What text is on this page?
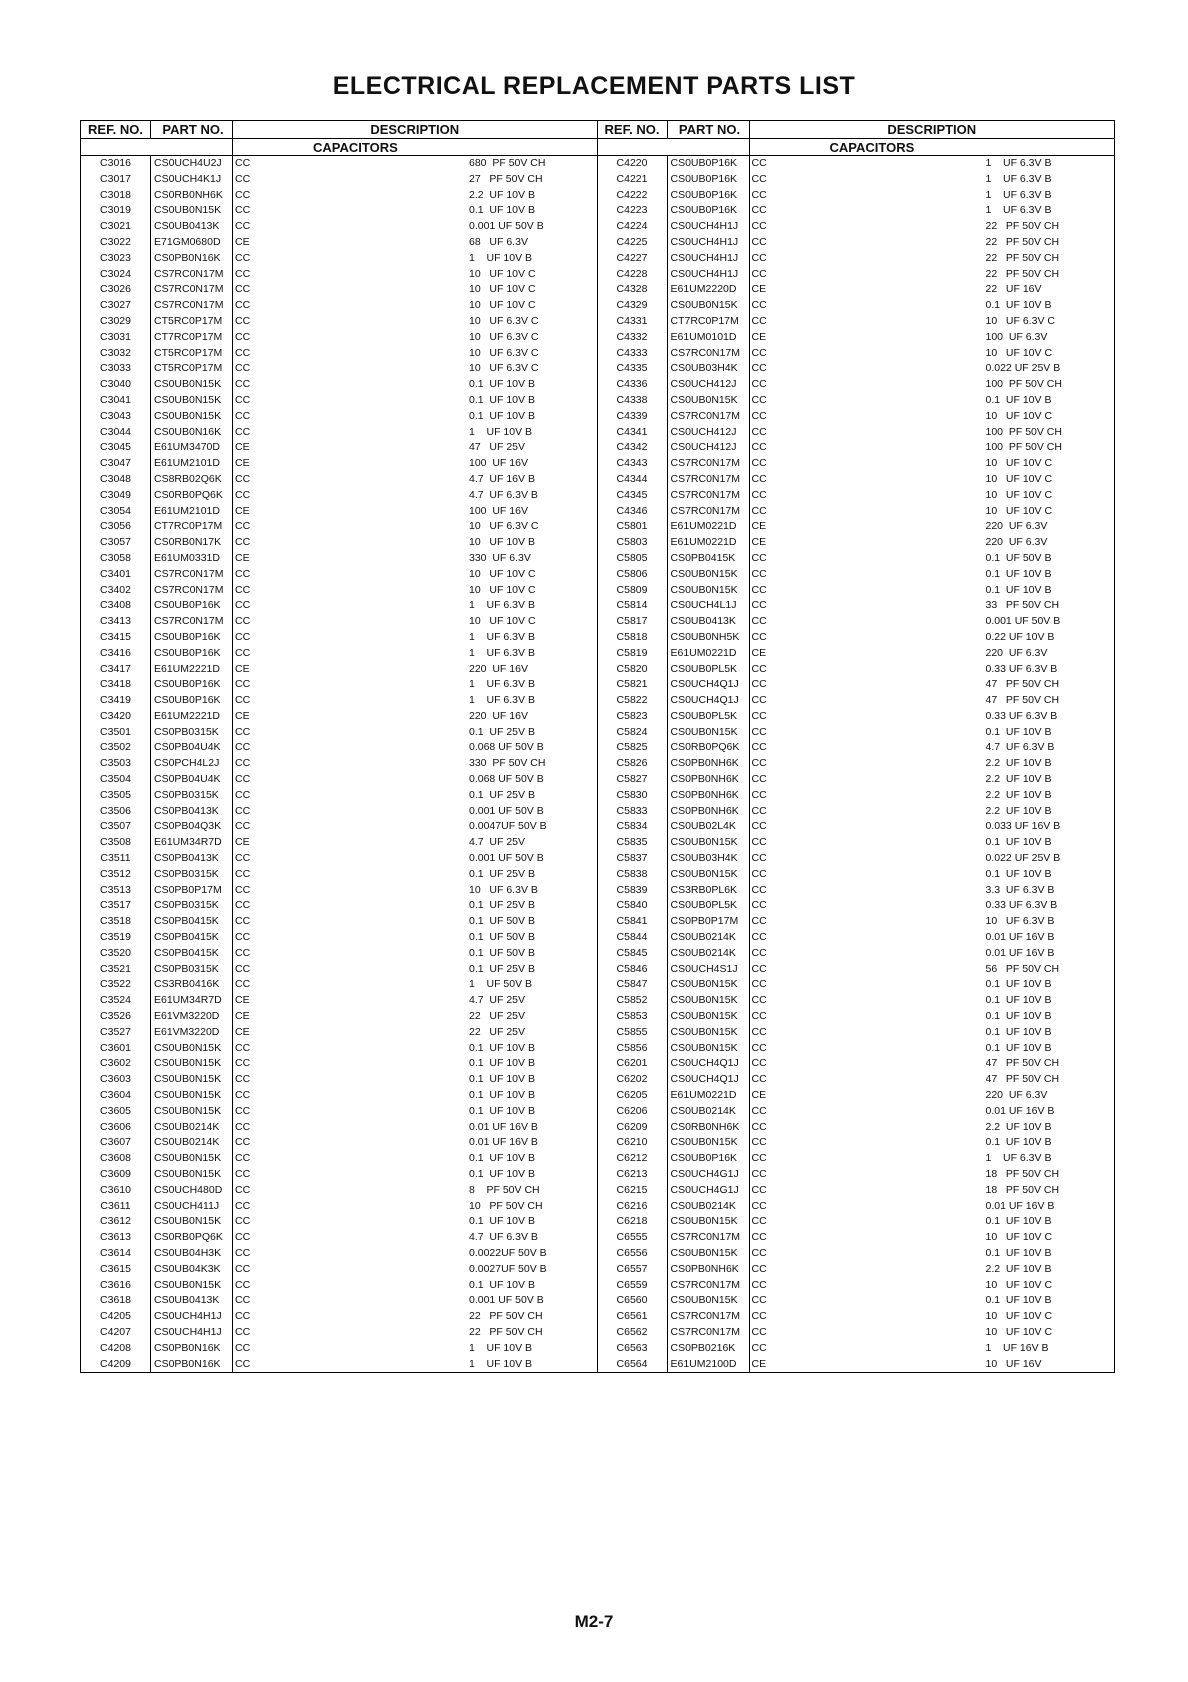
ELECTRICAL REPLACEMENT PARTS LIST
REF. NO.	PART NO.	DESCRIPTION
CAPACITORS
C3016	CS0UCH4U2J	CC	680  PF 50V CH
C3017	CS0UCH4K1J	CC	27   PF 50V CH
C3018	CS0RB0NH6K	CC	2.2  UF 10V B
C3019	CS0UB0N15K	CC	0.1  UF 10V B
C3021	CS0UB0413K	CC	0.001 UF 50V B
C3022	E71GM0680D	CE	68   UF 6.3V
C3023	CS0PB0N16K	CC	1    UF 10V B
C3024	CS7RC0N17M	CC	10   UF 10V C
C3026	CS7RC0N17M	CC	10   UF 10V C
C3027	CS7RC0N17M	CC	10   UF 10V C
C3029	CT5RC0P17M	CC	10   UF 6.3V C
C3031	CT7RC0P17M	CC	10   UF 6.3V C
C3032	CT5RC0P17M	CC	10   UF 6.3V C
C3033	CT5RC0P17M	CC	10   UF 6.3V C
C3040	CS0UB0N15K	CC	0.1  UF 10V B
C3041	CS0UB0N15K	CC	0.1  UF 10V B
C3043	CS0UB0N15K	CC	0.1  UF 10V B
C3044	CS0UB0N16K	CC	1    UF 10V B
C3045	E61UM3470D	CE	47   UF 25V
C3047	E61UM2101D	CE	100  UF 16V
C3048	CS8RB02Q6K	CC	4.7  UF 16V B
C3049	CS0RB0PQ6K	CC	4.7  UF 6.3V B
C3054	E61UM2101D	CE	100  UF 16V
C3056	CT7RC0P17M	CC	10   UF 6.3V C
C3057	CS0RB0N17K	CC	10   UF 10V B
C3058	E61UM0331D	CE	330  UF 6.3V
C3401	CS7RC0N17M	CC	10   UF 10V C
C3402	CS7RC0N17M	CC	10   UF 10V C
C3408	CS0UB0P16K	CC	1    UF 6.3V B
C3413	CS7RC0N17M	CC	10   UF 10V C
C3415	CS0UB0P16K	CC	1    UF 6.3V B
C3416	CS0UB0P16K	CC	1    UF 6.3V B
C3417	E61UM2221D	CE	220  UF 16V
C3418	CS0UB0P16K	CC	1    UF 6.3V B
C3419	CS0UB0P16K	CC	1    UF 6.3V B
C3420	E61UM2221D	CE	220  UF 16V
C3501	CS0PB0315K	CC	0.1  UF 25V B
C3502	CS0PB04U4K	CC	0.068 UF 50V B
C3503	CS0PCH4L2J	CC	330  PF 50V CH
C3504	CS0PB04U4K	CC	0.068 UF 50V B
C3505	CS0PB0315K	CC	0.1  UF 25V B
C3506	CS0PB0413K	CC	0.001 UF 50V B
C3507	CS0PB04Q3K	CC	0.0047UF 50V B
C3508	E61UM34R7D	CE	4.7  UF 25V
C3511	CS0PB0413K	CC	0.001 UF 50V B
C3512	CS0PB0315K	CC	0.1  UF 25V B
C3513	CS0PB0P17M	CC	10   UF 6.3V B
C3517	CS0PB0315K	CC	0.1  UF 25V B
C3518	CS0PB0415K	CC	0.1  UF 50V B
C3519	CS0PB0415K	CC	0.1  UF 50V B
C3520	CS0PB0415K	CC	0.1  UF 50V B
C3521	CS0PB0315K	CC	0.1  UF 25V B
C3522	CS3RB0416K	CC	1    UF 50V B
C3524	E61UM34R7D	CE	4.7  UF 25V
C3526	E61VM3220D	CE	22   UF 25V
C3527	E61VM3220D	CE	22   UF 25V
C3601	CS0UB0N15K	CC	0.1  UF 10V B
C3602	CS0UB0N15K	CC	0.1  UF 10V B
C3603	CS0UB0N15K	CC	0.1  UF 10V B
C3604	CS0UB0N15K	CC	0.1  UF 10V B
C3605	CS0UB0N15K	CC	0.1  UF 10V B
C3606	CS0UB0214K	CC	0.01 UF 16V B
C3607	CS0UB0214K	CC	0.01 UF 16V B
C3608	CS0UB0N15K	CC	0.1  UF 10V B
C3609	CS0UB0N15K	CC	0.1  UF 10V B
C3610	CS0UCH480D	CC	8    PF 50V CH
C3611	CS0UCH411J	CC	10   PF 50V CH
C3612	CS0UB0N15K	CC	0.1  UF 10V B
C3613	CS0RB0PQ6K	CC	4.7  UF 6.3V B
C3614	CS0UB04H3K	CC	0.0022UF 50V B
C3615	CS0UB04K3K	CC	0.0027UF 50V B
C3616	CS0UB0N15K	CC	0.1  UF 10V B
C3618	CS0UB0413K	CC	0.001 UF 50V B
C4205	CS0UCH4H1J	CC	22   PF 50V CH
C4207	CS0UCH4H1J	CC	22   PF 50V CH
C4208	CS0PB0N16K	CC	1    UF 10V B
C4209	CS0PB0N16K	CC	1    UF 10V B
REF. NO.	PART NO.	DESCRIPTION
CAPACITORS
C4220	CS0UB0P16K	CC	1    UF 6.3V B
C4221	CS0UB0P16K	CC	1    UF 6.3V B
C4222	CS0UB0P16K	CC	1    UF 6.3V B
C4223	CS0UB0P16K	CC	1    UF 6.3V B
C4224	CS0UCH4H1J	CC	22   PF 50V CH
C4225	CS0UCH4H1J	CC	22   PF 50V CH
C4227	CS0UCH4H1J	CC	22   PF 50V CH
C4228	CS0UCH4H1J	CC	22   PF 50V CH
C4328	E61UM2220D	CE	22   UF 16V
C4329	CS0UB0N15K	CC	0.1  UF 10V B
C4331	CT7RC0P17M	CC	10   UF 6.3V C
C4332	E61UM0101D	CE	100  UF 6.3V
C4333	CS7RC0N17M	CC	10   UF 10V C
C4335	CS0UB03H4K	CC	0.022 UF 25V B
C4336	CS0UCH412J	CC	100  PF 50V CH
C4338	CS0UB0N15K	CC	0.1  UF 10V B
C4339	CS7RC0N17M	CC	10   UF 10V C
C4341	CS0UCH412J	CC	100  PF 50V CH
C4342	CS0UCH412J	CC	100  PF 50V CH
C4343	CS7RC0N17M	CC	10   UF 10V C
C4344	CS7RC0N17M	CC	10   UF 10V C
C4345	CS7RC0N17M	CC	10   UF 10V C
C4346	CS7RC0N17M	CC	10   UF 10V C
C5801	E61UM0221D	CE	220  UF 6.3V
C5803	E61UM0221D	CE	220  UF 6.3V
C5805	CS0PB0415K	CC	0.1  UF 50V B
C5806	CS0UB0N15K	CC	0.1  UF 10V B
C5809	CS0UB0N15K	CC	0.1  UF 10V B
C5814	CS0UCH4L1J	CC	33   PF 50V CH
C5817	CS0UB0413K	CC	0.001 UF 50V B
C5818	CS0UB0NH5K	CC	0.22 UF 10V B
C5819	E61UM0221D	CE	220  UF 6.3V
C5820	CS0UB0PL5K	CC	0.33 UF 6.3V B
C5821	CS0UCH4Q1J	CC	47   PF 50V CH
C5822	CS0UCH4Q1J	CC	47   PF 50V CH
C5823	CS0UB0PL5K	CC	0.33 UF 6.3V B
C5824	CS0UB0N15K	CC	0.1  UF 10V B
C5825	CS0RB0PQ6K	CC	4.7  UF 6.3V B
C5826	CS0PB0NH6K	CC	2.2  UF 10V B
C5827	CS0PB0NH6K	CC	2.2  UF 10V B
C5830	CS0PB0NH6K	CC	2.2  UF 10V B
C5833	CS0PB0NH6K	CC	2.2  UF 10V B
C5834	CS0UB02L4K	CC	0.033 UF 16V B
C5835	CS0UB0N15K	CC	0.1  UF 10V B
C5837	CS0UB03H4K	CC	0.022 UF 25V B
C5838	CS0UB0N15K	CC	0.1  UF 10V B
C5839	CS3RB0PL6K	CC	3.3  UF 6.3V B
C5840	CS0UB0PL5K	CC	0.33 UF 6.3V B
C5841	CS0PB0P17M	CC	10   UF 6.3V B
C5844	CS0UB0214K	CC	0.01 UF 16V B
C5845	CS0UB0214K	CC	0.01 UF 16V B
C5846	CS0UCH4S1J	CC	56   PF 50V CH
C5847	CS0UB0N15K	CC	0.1  UF 10V B
C5852	CS0UB0N15K	CC	0.1  UF 10V B
C5853	CS0UB0N15K	CC	0.1  UF 10V B
C5855	CS0UB0N15K	CC	0.1  UF 10V B
C5856	CS0UB0N15K	CC	0.1  UF 10V B
C6201	CS0UCH4Q1J	CC	47   PF 50V CH
C6202	CS0UCH4Q1J	CC	47   PF 50V CH
C6205	E61UM0221D	CE	220  UF 6.3V
C6206	CS0UB0214K	CC	0.01 UF 16V B
C6209	CS0RB0NH6K	CC	2.2  UF 10V B
C6210	CS0UB0N15K	CC	0.1  UF 10V B
C6212	CS0UB0P16K	CC	1    UF 6.3V B
C6213	CS0UCH4G1J	CC	18   PF 50V CH
C6215	CS0UCH4G1J	CC	18   PF 50V CH
C6216	CS0UB0214K	CC	0.01 UF 16V B
C6218	CS0UB0N15K	CC	0.1  UF 10V B
C6555	CS7RC0N17M	CC	10   UF 10V C
C6556	CS0UB0N15K	CC	0.1  UF 10V B
C6557	CS0PB0NH6K	CC	2.2  UF 10V B
C6559	CS7RC0N17M	CC	10   UF 10V C
C6560	CS0UB0N15K	CC	0.1  UF 10V B
C6561	CS7RC0N17M	CC	10   UF 10V C
C6562	CS7RC0N17M	CC	10   UF 10V C
C6563	CS0PB0216K	CC	1    UF 16V B
C6564	E61UM2100D	CE	10   UF 16V
M2-7
